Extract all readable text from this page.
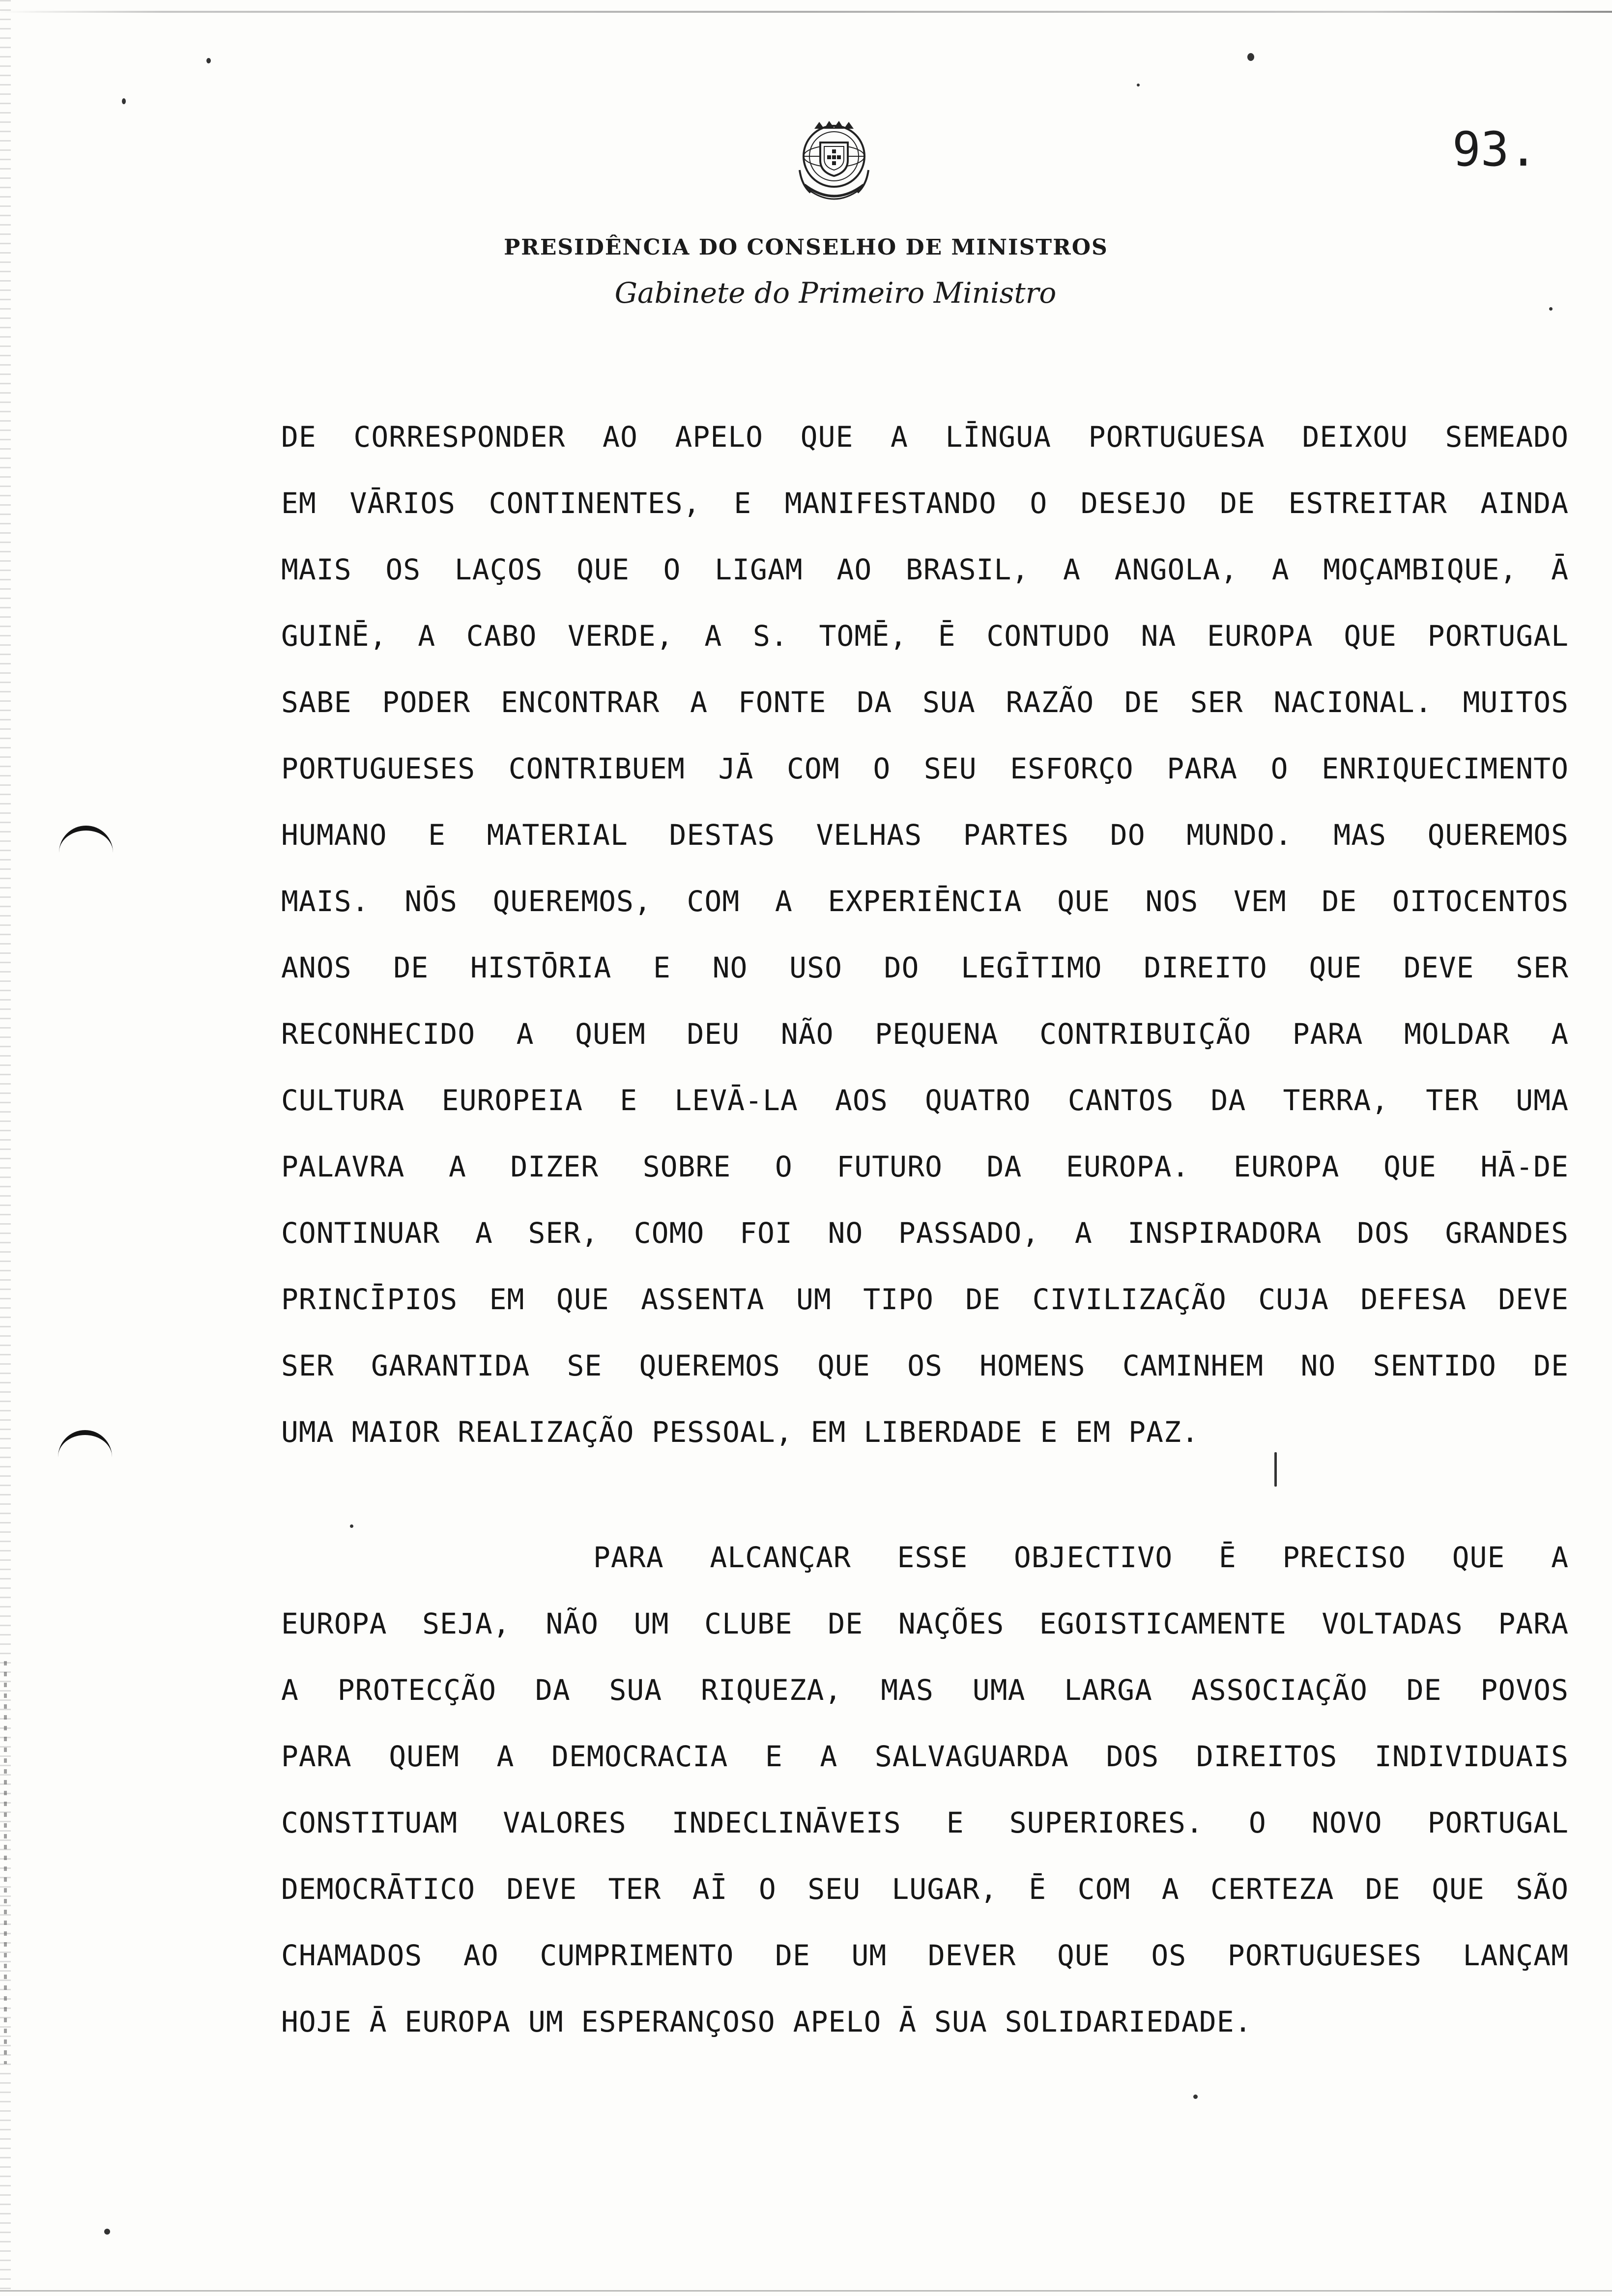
93.
PRESIDÊNCIA DO CONSELHO DE MINISTROS
Gabinete do Primeiro Ministro
DE CORRESPONDER AO APELO QUE A LĪNGUA PORTUGUESA DEIXOU SEMEADO
EM VĀRIOS CONTINENTES, E MANIFESTANDO O DESEJO DE ESTREITAR AINDA
MAIS OS LAÇOS QUE O LIGAM AO BRASIL, A ANGOLA, A MOÇAMBIQUE, Ā
GUINĒ, A CABO VERDE, A S. TOMĒ, Ē CONTUDO NA EUROPA QUE PORTUGAL
SABE PODER ENCONTRAR A FONTE DA SUA RAZÃO DE SER NACIONAL. MUITOS
PORTUGUESES CONTRIBUEM JĀ COM O SEU ESFORÇO PARA O ENRIQUECIMENTO
HUMANO E MATERIAL DESTAS VELHAS PARTES DO MUNDO. MAS QUEREMOS
MAIS. NŌS QUEREMOS, COM A EXPERIĒNCIA QUE NOS VEM DE OITOCENTOS
ANOS DE HISTŌRIA E NO USO DO LEGĪTIMO DIREITO QUE DEVE SER
RECONHECIDO A QUEM DEU NÃO PEQUENA CONTRIBUIÇÃO PARA MOLDAR A
CULTURA EUROPEIA E LEVĀ-LA AOS QUATRO CANTOS DA TERRA, TER UMA
PALAVRA A DIZER SOBRE O FUTURO DA EUROPA. EUROPA QUE HĀ-DE
CONTINUAR A SER, COMO FOI NO PASSADO, A INSPIRADORA DOS GRANDES
PRINCĪPIOS EM QUE ASSENTA UM TIPO DE CIVILIZAÇÃO CUJA DEFESA DEVE
SER GARANTIDA SE QUEREMOS QUE OS HOMENS CAMINHEM NO SENTIDO DE
UMA MAIOR REALIZAÇÃO PESSOAL, EM LIBERDADE E EM PAZ.
PARA ALCANÇAR ESSE OBJECTIVO Ē PRECISO QUE A
EUROPA SEJA, NÃO UM CLUBE DE NAÇÕES EGOISTICAMENTE VOLTADAS PARA
A PROTECÇÃO DA SUA RIQUEZA, MAS UMA LARGA ASSOCIAÇÃO DE POVOS
PARA QUEM A DEMOCRACIA E A SALVAGUARDA DOS DIREITOS INDIVIDUAIS
CONSTITUAM VALORES INDECLINĀVEIS E SUPERIORES. O NOVO PORTUGAL
DEMOCRĀTICO DEVE TER AĪ O SEU LUGAR, Ē COM A CERTEZA DE QUE SÃO
CHAMADOS AO CUMPRIMENTO DE UM DEVER QUE OS PORTUGUESES LANÇAM
HOJE Ā EUROPA UM ESPERANÇOSO APELO Ā SUA SOLIDARIEDADE.
